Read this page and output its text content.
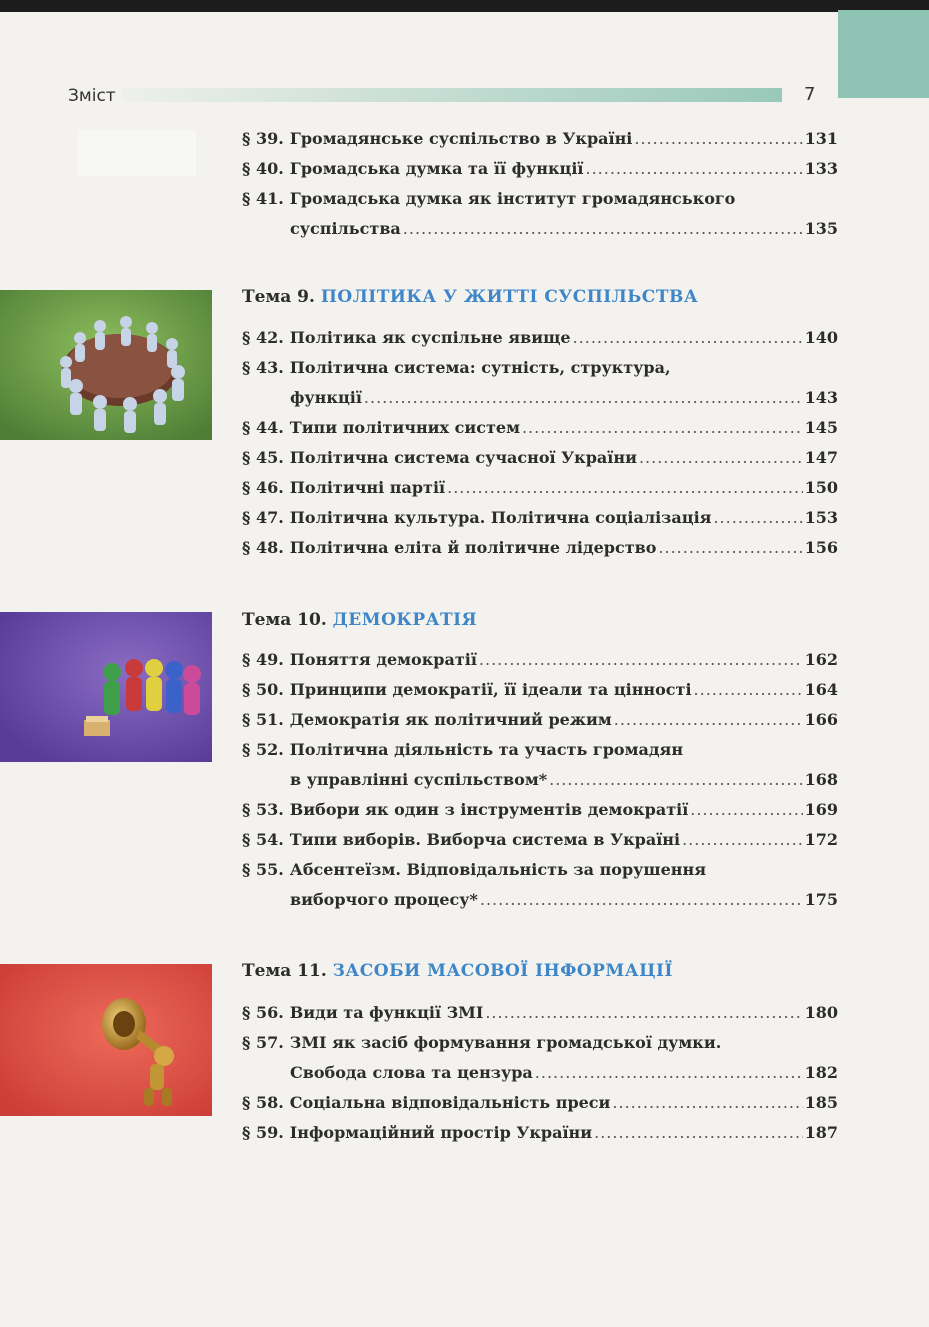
Зміст	7
§ 39. Громадянське суспільство в Україні .....	131
§ 40. Громадська думка та її функції .....	133
§ 41. Громадська думка як інститут громадянського
суспільства .....	135
Тема 9. ПОЛІТИКА У ЖИТТІ СУСПІЛЬСТВА
§ 42. Політика як суспільне явище .....	140
§ 43. Політична система: сутність, структура,
функції .....	143
§ 44. Типи політичних систем .....	145
§ 45. Політична система сучасної України .....	147
§ 46. Політичні партії .....	150
§ 47. Політична культура. Політична соціалізація .....	153
§ 48. Політична еліта й політичне лідерство .....	156
Тема 10. ДЕМОКРАТІЯ
§ 49. Поняття демократії .....	162
§ 50. Принципи демократії, її ідеали та цінності .....	164
§ 51. Демократія як політичний режим .....	166
§ 52. Політична діяльність та участь громадян
в управлінні суспільством* .....	168
§ 53. Вибори як один з інструментів демократії .....	169
§ 54. Типи виборів. Виборча система в Україні .....	172
§ 55. Абсентеїзм. Відповідальність за порушення
виборчого процесу* .....	175
Тема 11. ЗАСОБИ МАСОВОЇ ІНФОРМАЦІЇ
§ 56. Види та функції ЗМІ .....	180
§ 57. ЗМІ як засіб формування громадської думки.
Свобода слова та цензура .....	182
§ 58. Соціальна відповідальність преси .....	185
§ 59. Інформаційний простір України .....	187
